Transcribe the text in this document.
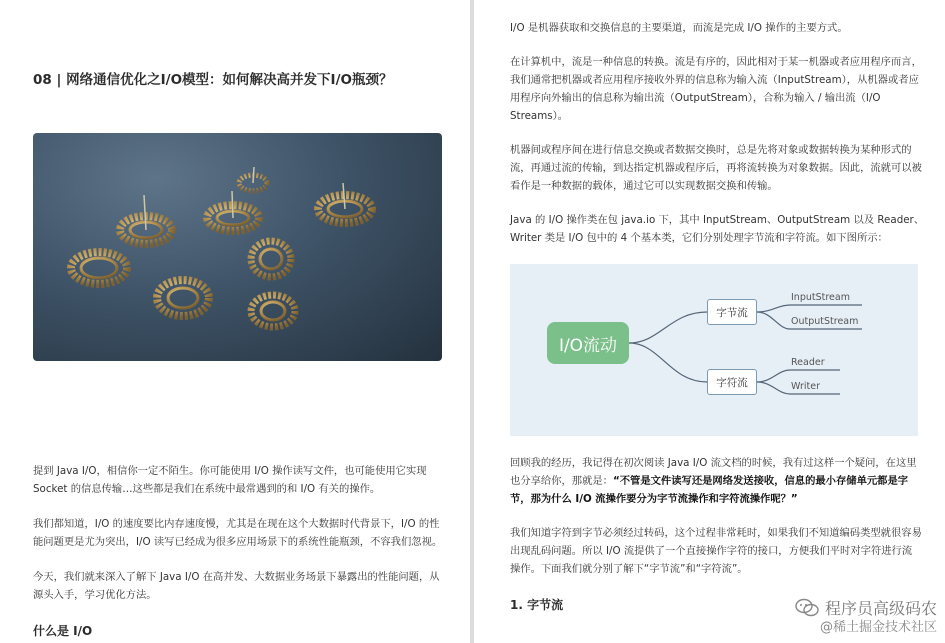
08 | 网络通信优化之I/O模型：如何解决高并发下I/O瓶颈？

提到 Java I/O，相信你一定不陌生。你可能使用 I/O 操作读写文件，也可能使用它实现
Socket 的信息传输…这些都是我们在系统中最常遇到的和 I/O 有关的操作。

我们都知道，I/O 的速度要比内存速度慢，尤其是在现在这个大数据时代背景下，I/O 的性
能问题更是尤为突出，I/O 读写已经成为很多应用场景下的系统性能瓶颈，不容我们忽视。

今天，我们就来深入了解下 Java I/O 在高并发、大数据业务场景下暴露出的性能问题，从
源头入手，学习优化方法。

什么是 I/O

I/O 是机器获取和交换信息的主要渠道，而流是完成 I/O 操作的主要方式。

在计算机中，流是一种信息的转换。流是有序的，因此相对于某一机器或者应用程序而言，
我们通常把机器或者应用程序接收外界的信息称为输入流（InputStream），从机器或者应
用程序向外输出的信息称为输出流（OutputStream），合称为输入 / 输出流（I/O
Streams）。

机器间或程序间在进行信息交换或者数据交换时，总是先将对象或数据转换为某种形式的
流，再通过流的传输，到达指定机器或程序后，再将流转换为对象数据。因此，流就可以被
看作是一种数据的载体，通过它可以实现数据交换和传输。

Java 的 I/O 操作类在包 java.io 下，其中 InputStream、OutputStream 以及 Reader、
Writer 类是 I/O 包中的 4 个基本类，它们分别处理字节流和字符流。如下图所示：

I/O流动
字节流
字符流
InputStream
OutputStream
Reader
Writer

回顾我的经历，我记得在初次阅读 Java I/O 流文档的时候，我有过这样一个疑问，在这里
也分享给你，那就是：“不管是文件读写还是网络发送接收，信息的最小存储单元都是字
节，那为什么 I/O 流操作要分为字节流操作和字符流操作呢？”

我们知道字符到字节必须经过转码，这个过程非常耗时，如果我们不知道编码类型就很容易
出现乱码问题。所以 I/O 流提供了一个直接操作字符的接口，方便我们平时对字符进行流
操作。下面我们就分别了解下“字节流”和“字符流”。

1. 字节流	程序员高级码农
@稀土掘金技术社区
